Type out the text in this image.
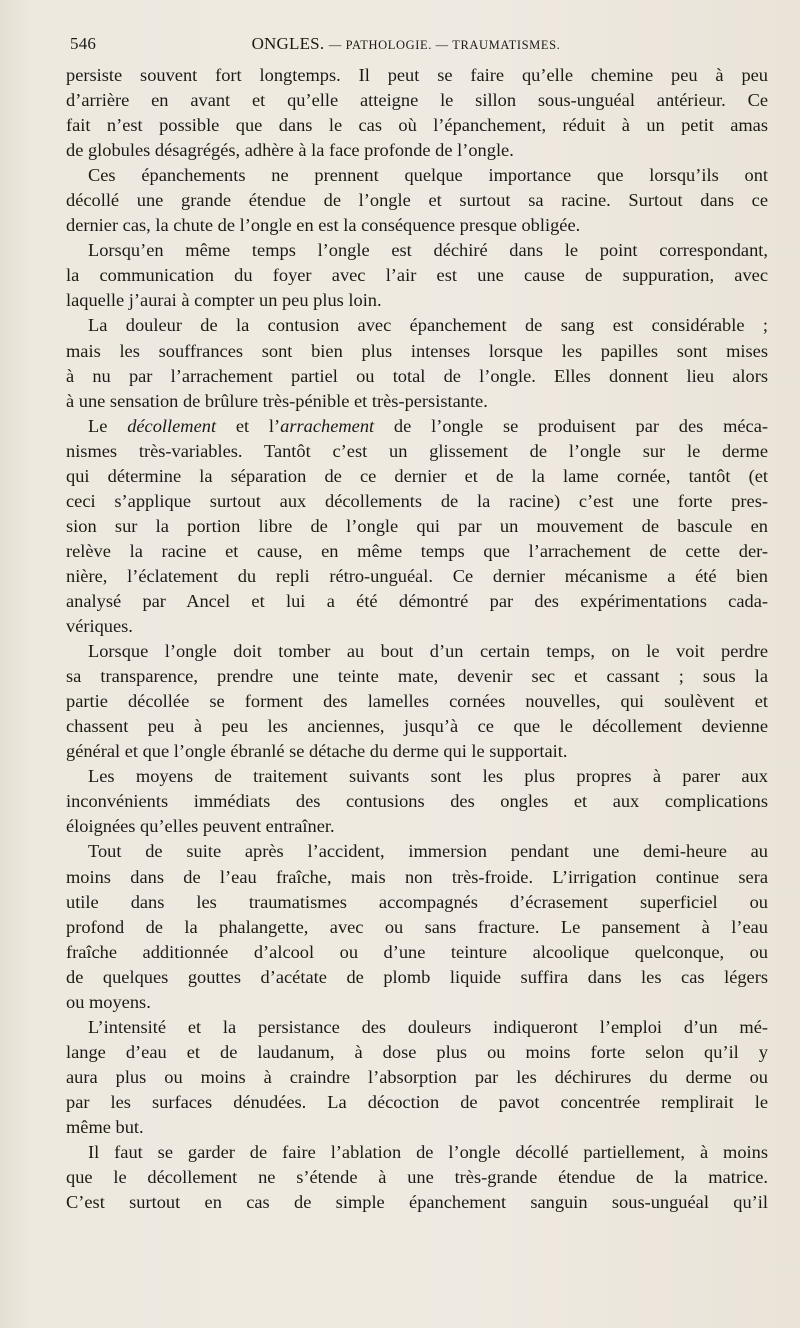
546	ONGLES. — PATHOLOGIE. — TRAUMATISMES.
persiste souvent fort longtemps. Il peut se faire qu’elle chemine peu à peu
d’arrière en avant et qu’elle atteigne le sillon sous-unguéal antérieur. Ce
fait n’est possible que dans le cas où l’épanchement, réduit à un petit amas
de globules désagrégés, adhère à la face profonde de l’ongle.
Ces épanchements ne prennent quelque importance que lorsqu’ils ont
décollé une grande étendue de l’ongle et surtout sa racine. Surtout dans ce
dernier cas, la chute de l’ongle en est la conséquence presque obligée.
Lorsqu’en même temps l’ongle est déchiré dans le point correspondant,
la communication du foyer avec l’air est une cause de suppuration, avec
laquelle j’aurai à compter un peu plus loin.
La douleur de la contusion avec épanchement de sang est considérable ;
mais les souffrances sont bien plus intenses lorsque les papilles sont mises
à nu par l’arrachement partiel ou total de l’ongle. Elles donnent lieu alors
à une sensation de brûlure très-pénible et très-persistante.
Le décollement et l’arrachement de l’ongle se produisent par des méca-
nismes très-variables. Tantôt c’est un glissement de l’ongle sur le derme
qui détermine la séparation de ce dernier et de la lame cornée, tantôt (et
ceci s’applique surtout aux décollements de la racine) c’est une forte pres-
sion sur la portion libre de l’ongle qui par un mouvement de bascule en
relève la racine et cause, en même temps que l’arrachement de cette der-
nière, l’éclatement du repli rétro-unguéal. Ce dernier mécanisme a été bien
analysé par Ancel et lui a été démontré par des expérimentations cada-
vériques.
Lorsque l’ongle doit tomber au bout d’un certain temps, on le voit perdre
sa transparence, prendre une teinte mate, devenir sec et cassant ; sous la
partie décollée se forment des lamelles cornées nouvelles, qui soulèvent et
chassent peu à peu les anciennes, jusqu’à ce que le décollement devienne
général et que l’ongle ébranlé se détache du derme qui le supportait.
Les moyens de traitement suivants sont les plus propres à parer aux
inconvénients immédiats des contusions des ongles et aux complications
éloignées qu’elles peuvent entraîner.
Tout de suite après l’accident, immersion pendant une demi-heure au
moins dans de l’eau fraîche, mais non très-froide. L’irrigation continue sera
utile dans les traumatismes accompagnés d’écrasement superficiel ou
profond de la phalangette, avec ou sans fracture. Le pansement à l’eau
fraîche additionnée d’alcool ou d’une teinture alcoolique quelconque, ou
de quelques gouttes d’acétate de plomb liquide suffira dans les cas légers
ou moyens.
L’intensité et la persistance des douleurs indiqueront l’emploi d’un mé-
lange d’eau et de laudanum, à dose plus ou moins forte selon qu’il y
aura plus ou moins à craindre l’absorption par les déchirures du derme ou
par les surfaces dénudées. La décoction de pavot concentrée remplirait le
même but.
Il faut se garder de faire l’ablation de l’ongle décollé partiellement, à moins
que le décollement ne s’étende à une très-grande étendue de la matrice.
C’est surtout en cas de simple épanchement sanguin sous-unguéal qu’il
